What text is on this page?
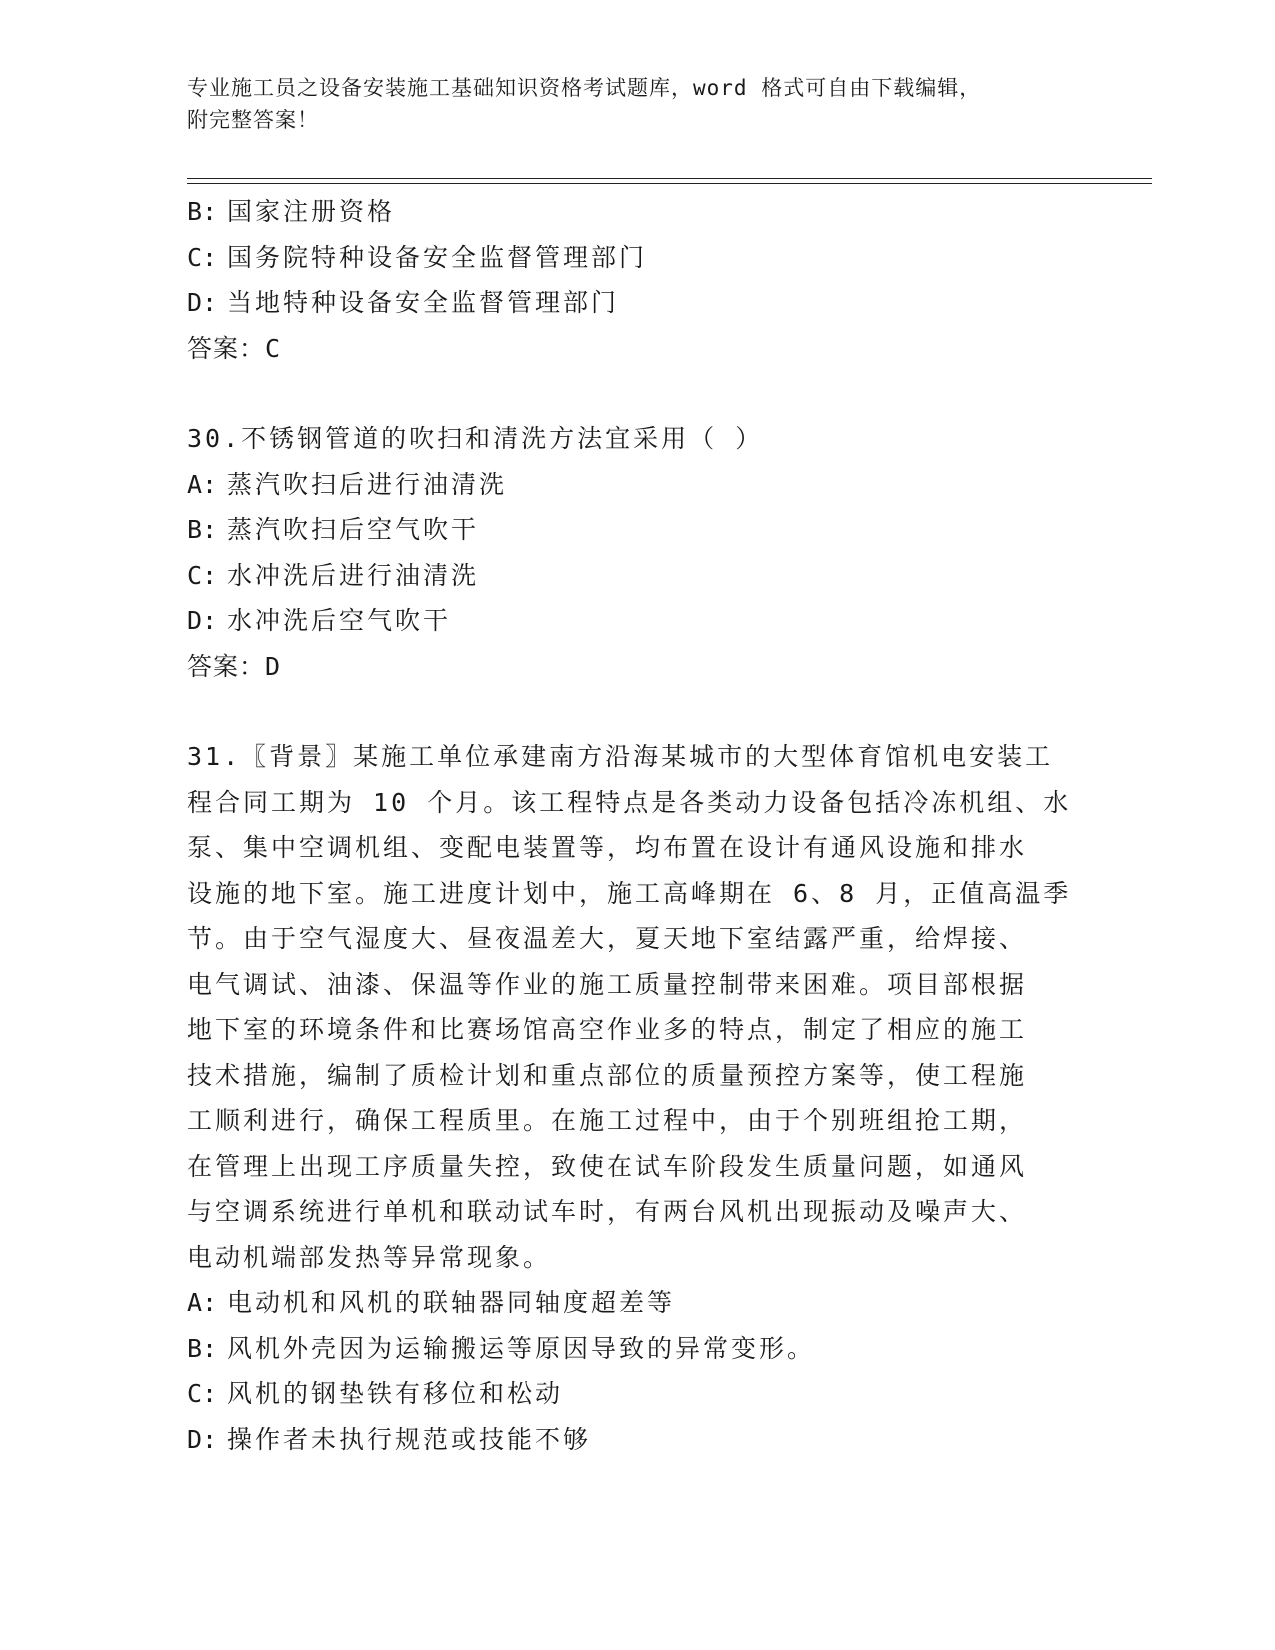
专业施工员之设备安装施工基础知识资格考试题库，word 格式可自由下载编辑，
附完整答案！
B: 国家注册资格
C: 国务院特种设备安全监督管理部门
D: 当地特种设备安全监督管理部门
答案：C
30.不锈钢管道的吹扫和清洗方法宜采用（ ）
A: 蒸汽吹扫后进行油清洗
B: 蒸汽吹扫后空气吹干
C: 水冲洗后进行油清洗
D: 水冲洗后空气吹干
答案：D
31.〖背景〗某施工单位承建南方沿海某城市的大型体育馆机电安装工
程合同工期为 10 个月。该工程特点是各类动力设备包括冷冻机组、水
泵、集中空调机组、变配电装置等，均布置在设计有通风设施和排水
设施的地下室。施工进度计划中，施工高峰期在 6、8 月，正值高温季
节。由于空气湿度大、昼夜温差大，夏天地下室结露严重，给焊接、
电气调试、油漆、保温等作业的施工质量控制带来困难。项目部根据
地下室的环境条件和比赛场馆高空作业多的特点，制定了相应的施工
技术措施，编制了质检计划和重点部位的质量预控方案等，使工程施
工顺利进行，确保工程质里。在施工过程中，由于个别班组抢工期，
在管理上出现工序质量失控，致使在试车阶段发生质量问题，如通风
与空调系统进行单机和联动试车时，有两台风机出现振动及噪声大、
电动机端部发热等异常现象。
A: 电动机和风机的联轴器同轴度超差等
B: 风机外壳因为运输搬运等原因导致的异常变形。
C: 风机的钢垫铁有移位和松动
D: 操作者未执行规范或技能不够
